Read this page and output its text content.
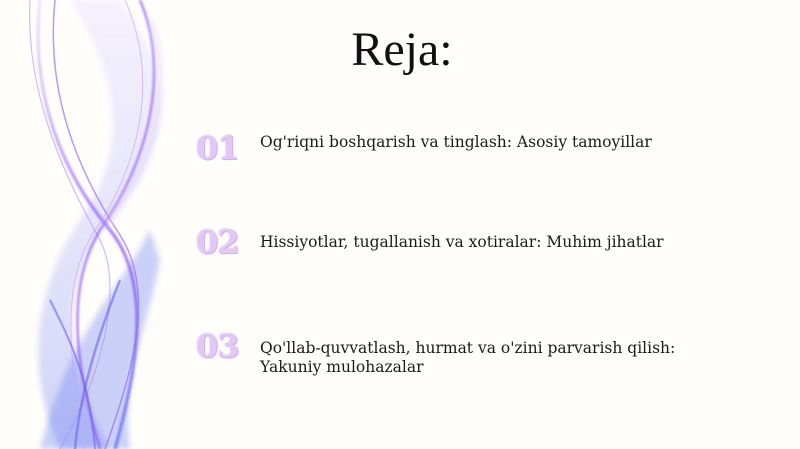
Reja:
01	Og'riqni boshqarish va tinglash: Asosiy tamoyillar
02	Hissiyotlar, tugallanish va xotiralar: Muhim jihatlar
03	Qo'llab-quvvatlash, hurmat va o'zini parvarish qilish: Yakuniy mulohazalar
